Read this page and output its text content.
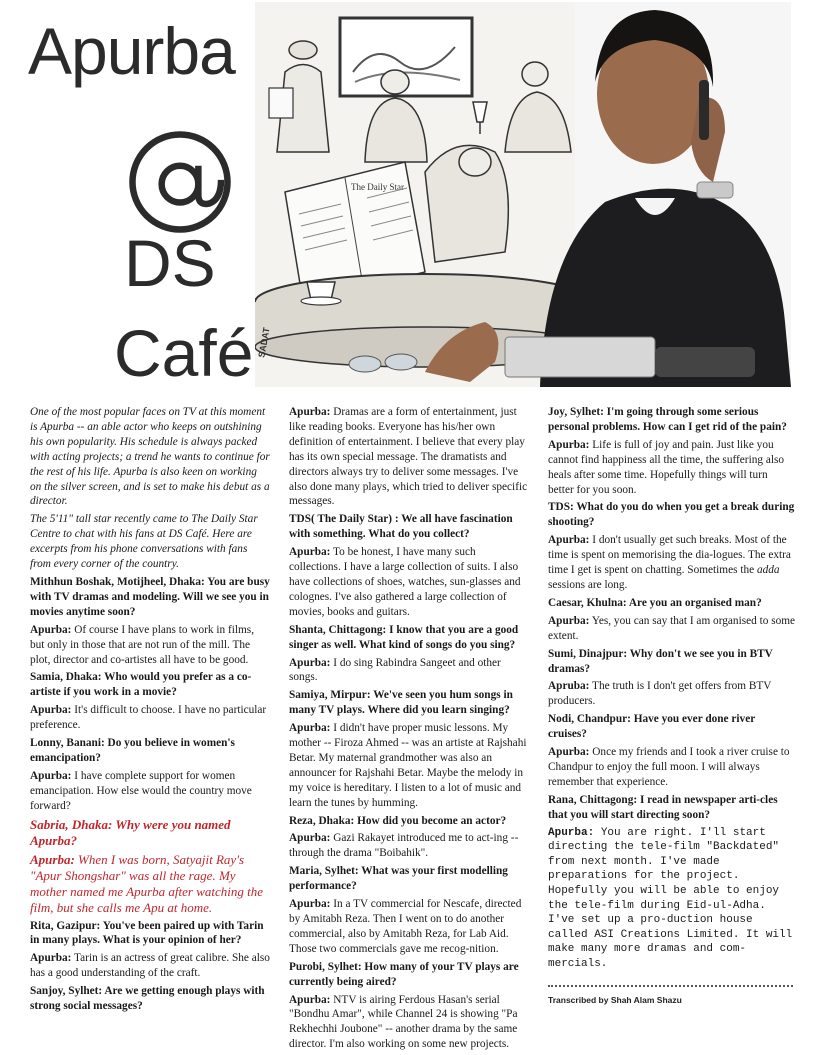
Apurba
DS
Café
The Daily Star
SADAT

One of the most popular faces on TV at this moment is Apurba -- an able actor who keeps on outshining his own popularity. His schedule is always packed with acting projects; a trend he wants to continue for the rest of his life. Apurba is also keen on working on the silver screen, and is set to make his debut as a director.

The 5'11" tall star recently came to The Daily Star Centre to chat with his fans at DS Café. Here are excerpts from his phone conversations with fans from every corner of the country.

Mithhun Boshak, Motijheel, Dhaka: You are busy with TV dramas and modeling. Will we see you in movies anytime soon?

Apurba: Of course I have plans to work in films, but only in those that are not run of the mill. The plot, director and co-artistes all have to be good.

Samia, Dhaka: Who would you prefer as a co-artiste if you work in a movie?

Apurba: It's difficult to choose. I have no particular preference.

Lonny, Banani: Do you believe in women's emancipation?

Apurba: I have complete support for women emancipation. How else would the country move forward?

Sabria, Dhaka: Why were you named Apurba?

Apurba: When I was born, Satyajit Ray's "Apur Shongshar" was all the rage. My mother named me Apurba after watching the film, but she calls me Apu at home.

Rita, Gazipur: You've been paired up with Tarin in many plays. What is your opinion of her?

Apurba: Tarin is an actress of great calibre. She also has a good understanding of the craft.

Sanjoy, Sylhet: Are we getting enough plays with strong social messages?

Apurba: Dramas are a form of entertainment, just like reading books. Everyone has his/her own definition of entertainment. I believe that every play has its own special message. The dramatists and directors always try to deliver some messages. I've also done many plays, which tried to deliver specific messages.

TDS( The Daily Star) : We all have fascination with something. What do you collect?

Apurba: To be honest, I have many such collections. I have a large collection of suits. I also have collections of shoes, watches, sun-glasses and colognes. I've also gathered a large collection of movies, books and guitars.

Shanta, Chittagong: I know that you are a good singer as well. What kind of songs do you sing?

Apurba: I do sing Rabindra Sangeet and other songs.

Samiya, Mirpur: We've seen you hum songs in many TV plays. Where did you learn singing?

Apurba: I didn't have proper music lessons. My mother -- Firoza Ahmed -- was an artiste at Rajshahi Betar. My maternal grandmother was also an announcer for Rajshahi Betar. Maybe the melody in my voice is hereditary. I listen to a lot of music and learn the tunes by humming.

Reza, Dhaka: How did you become an actor?

Apurba: Gazi Rakayet introduced me to act-ing -- through the drama "Boibahik".

Maria, Sylhet: What was your first modelling performance?

Apurba: In a TV commercial for Nescafe, directed by Amitabh Reza. Then I went on to do another commercial, also by Amitabh Reza, for Lab Aid. Those two commercials gave me recog-nition.

Purobi, Sylhet: How many of your TV plays are currently being aired?

Apurba: NTV is airing Ferdous Hasan's serial "Bondhu Amar", while Channel 24 is showing "Pa Rekhechhi Joubone" -- another drama by the same director. I'm also working on some new projects.

Joy, Sylhet: I'm going through some serious personal problems. How can I get rid of the pain?

Apurba: Life is full of joy and pain. Just like you cannot find happiness all the time, the suffering also heals after some time. Hopefully things will turn better for you soon.

TDS: What do you do when you get a break during shooting?

Apurba: I don't usually get such breaks. Most of the time is spent on memorising the dia-logues. The extra time I get is spent on chatting. Sometimes the adda sessions are long.

Caesar, Khulna: Are you an organised man?

Apurba: Yes, you can say that I am organised to some extent.

Sumi, Dinajpur: Why don't we see you in BTV dramas?

Apruba: The truth is I don't get offers from BTV producers.

Nodi, Chandpur: Have you ever done river cruises?

Apurba: Once my friends and I took a river cruise to Chandpur to enjoy the full moon. I will always remember that experience.

Rana, Chittagong: I read in newspaper arti-cles that you will start directing soon?

Apurba: You are right. I'll start directing the tele-film "Backdated" from next month. I've made preparations for the project. Hopefully you will be able to enjoy the tele-film during Eid-ul-Adha. I've set up a pro-duction house called ASI Creations Limited. It will make many more dramas and com-mercials.

Transcribed by Shah Alam Shazu
